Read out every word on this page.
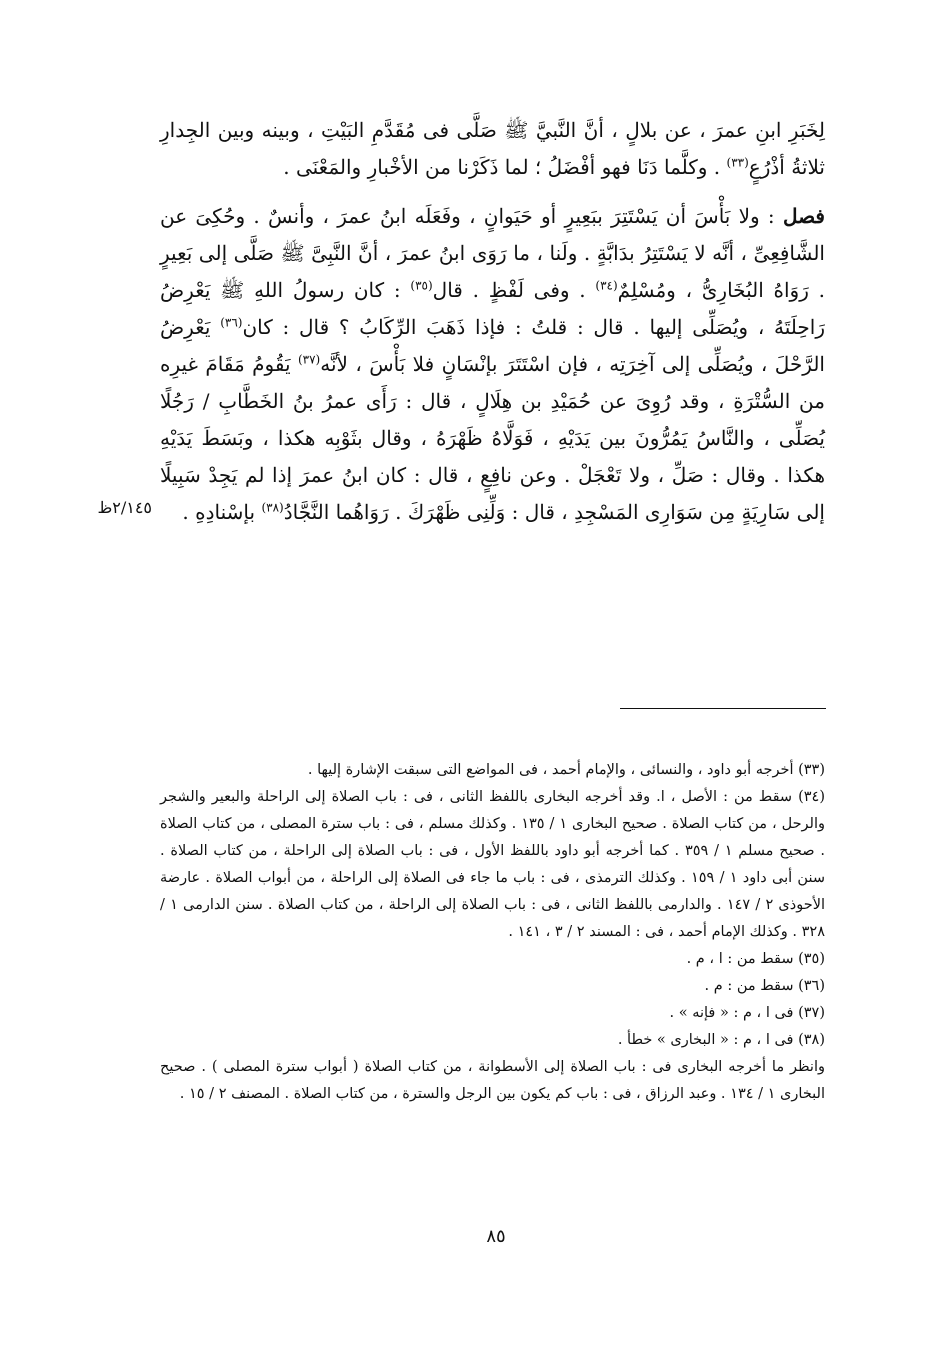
لِخَبَرِ ابنِ عمرَ ، عن بلالٍ ، أنَّ النَّبيَّ ﷺ صَلَّى فى مُقَدَّمِ البَيْتِ ، وبينه وبين الجِدارِ ثلاثةُ أذْرُعٍ$^{(٣٣)}$ . وكلَّما دَنَا فهو أفْضَلُ ؛ لما ذَكَرْنا من الأخْبارِ والمَعْنَى .

فصل : ولا بَأْسَ أن يَسْتَتِرَ ببَعِيرٍ أو حَيَوانٍ ، وفَعَلَه ابنُ عمرَ ، وأنسٌ . وحُكِىَ عن الشَّافِعِىِّ ، أنَّه لا يَسْتَتِرُ بدَابَّةٍ . ولَنا ، ما رَوَى ابنُ عمرَ ، أنَّ النَّبِىَّ ﷺ صَلَّى إلى بَعِيرٍ . رَوَاهُ البُخَارِىُّ ، ومُسْلِمٌ$^{(٣٤)}$ . وفى لَفْظٍ . قال$^{(٣٥)}$ : كان رسولُ اللهِ ﷺ يَعْرِضُ رَاحِلَتَهُ ، ويُصَلِّى إليها . قال : قلتُ : فإذا ذَهَبَ الرِّكَابُ ؟ قال : كان$^{(٣٦)}$ يَعْرِضُ الرَّحْلَ ، ويُصَلِّى إلى آخِرَتِه ، فإن اسْتَتَرَ بإنْسَانٍ فلا بَأْسَ ، لأنَّه$^{(٣٧)}$ يَقُومُ مَقَامَ غيرِه من السُّتْرَةِ ، وقد رُوِىَ عن حُمَيْدِ بن هِلَالٍ ، قال : رَأَى عمرُ بنُ الخَطَّابِ / رَجُلًا يُصَلِّى ، والنَّاسُ يَمُرُّونَ بين يَدَيْهِ ، فَوَلَّاهُ ظَهْرَهُ ، وقال بثَوْبِه هكذا ، وبَسَطَ يَدَيْهِ هكذا . وقال : صَلِّ ، ولا تَعْجَلْ . وعن نافِعٍ ، قال : كان ابنُ عمرَ إذا لم يَجِدْ سَبِيلًا إلى سَارِيَةٍ مِن سَوَارِى المَسْجِدِ ، قال : وَلِّنِى ظَهْرَكَ . رَوَاهُما النَّجَّادُ$^{(٣٨)}$ بإسْنادِهِ .

٢/١٤٥ظ

(٣٣) أخرجه أبو داود ، والنسائى ، والإمام أحمد ، فى المواضع التى سبقت الإشارة إليها .

(٣٤) سقط من : الأصل ، ا. وقد أخرجه البخارى باللفظ الثانى ، فى : باب الصلاة إلى الراحلة والبعير والشجر والرحل ، من كتاب الصلاة . صحيح البخارى ١ / ١٣٥ . وكذلك مسلم ، فى : باب سترة المصلى ، من كتاب الصلاة . صحيح مسلم ١ / ٣٥٩ . كما أخرجه أبو داود باللفظ الأول ، فى : باب الصلاة إلى الراحلة ، من كتاب الصلاة . سنن أبى داود ١ / ١٥٩ . وكذلك الترمذى ، فى : باب ما جاء فى الصلاة إلى الراحلة ، من أبواب الصلاة . عارضة الأحوذى ٢ / ١٤٧ . والدارمى باللفظ الثانى ، فى : باب الصلاة إلى الراحلة ، من كتاب الصلاة . سنن الدارمى ١ / ٣٢٨ . وكذلك الإمام أحمد ، فى : المسند ٢ / ٣ ، ١٤١ .

(٣٥) سقط من : ا ، م .

(٣٦) سقط من : م .

(٣٧) فى ا ، م : « فإنه » .

(٣٨) فى ا ، م : « البخارى » خطأ .

وانظر ما أخرجه البخارى فى : باب الصلاة إلى الأسطوانة ، من كتاب الصلاة ( أبواب سترة المصلى ) . صحيح البخارى ١ / ١٣٤ . وعبد الرزاق ، فى : باب كم يكون بين الرجل والسترة ، من كتاب الصلاة . المصنف ٢ / ١٥ .

٨٥
